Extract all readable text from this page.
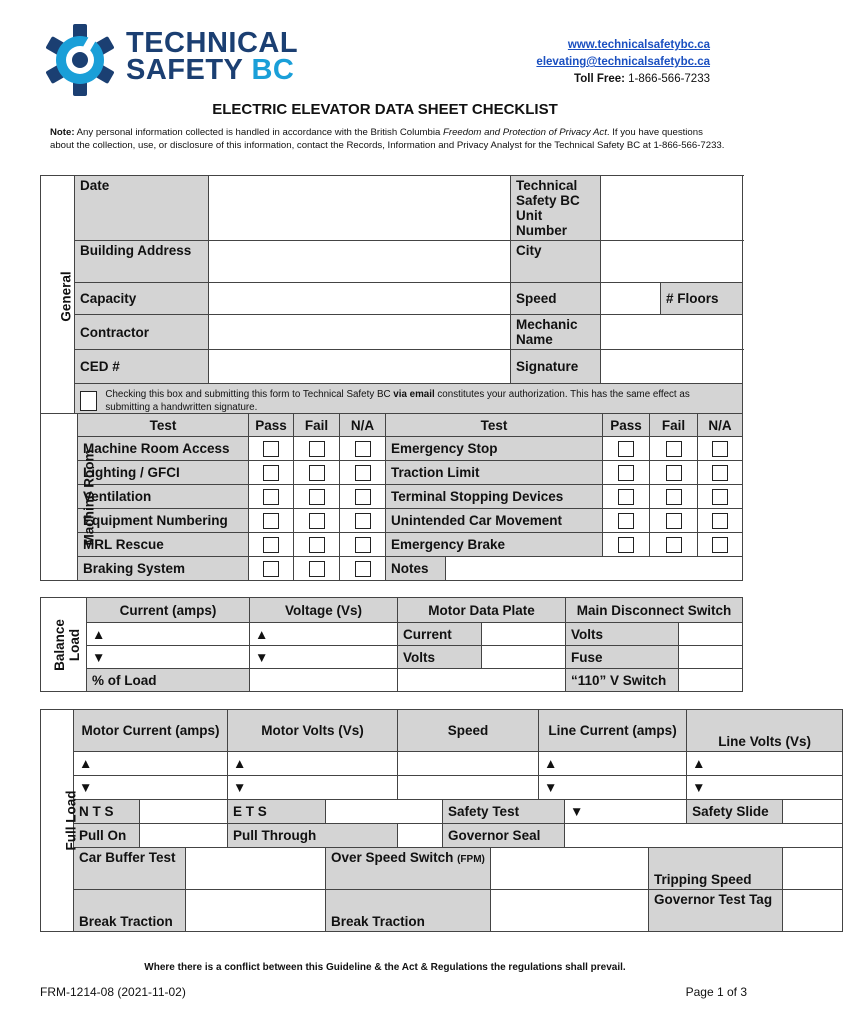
TECHNICAL
SAFETY BC
www.technicalsafetybc.ca
elevating@technicalsafetybc.ca
Toll Free: 1-866-566-7233
ELECTRIC ELEVATOR DATA SHEET CHECKLIST
Note: Any personal information collected is handled in accordance with the British Columbia Freedom and Protection of Privacy Act. If you have questions about the collection, use, or disclosure of this information, contact the Records, Information and Privacy Analyst for the Technical Safety BC at 1-866-566-7233.
General	Date		Technical Safety BC Unit Number			
	Building Address		City			
	Capacity		Speed		# Floors	
	Contractor		Mechanic Name			
	CED #		Signature			

	Checking this box and submitting this form to Technical Safety BC via email constitutes your authorization. This has the same effect as submitting a handwritten signature.					
Machine Room	Test	Pass	Fail	N/A	Test		Pass	Fail	N/A
	Machine Room Access				Emergency Stop				
	Lighting / GFCI				Traction Limit				
	Ventilation				Terminal Stopping Devices				
	Equipment Numbering				Unintended Car Movement				
	MRL Rescue				Emergency Brake				
	Braking System				Notes				
Balance
Load	Current (amps)	Voltage (Vs)	Motor Data Plate		Main Disconnect Switch	
	▲	▲	Current		Volts	
	▼	▼	Volts		Fuse	
	% of Load				“110” V Switch	
Full Load	Motor Current (amps)			Motor Volts (Vs)		Speed			Line Current (amps)			Line Volts (Vs)	
	▲			▲					▲			▲	
	▼			▼					▼			▼	
	N T S			E T S			Safety Test			▼		Safety Slide	
	Pull On			Pull Through			Governor Seal						
	Car Buffer Test				Over Speed Switch (FPM)						Tripping Speed		
	Break Traction				Break Traction						Governor Test Tag		
Where there is a conflict between this Guideline & the Act & Regulations the regulations shall prevail.
FRM-1214-08 (2021-11-02)	Page 1 of 3
